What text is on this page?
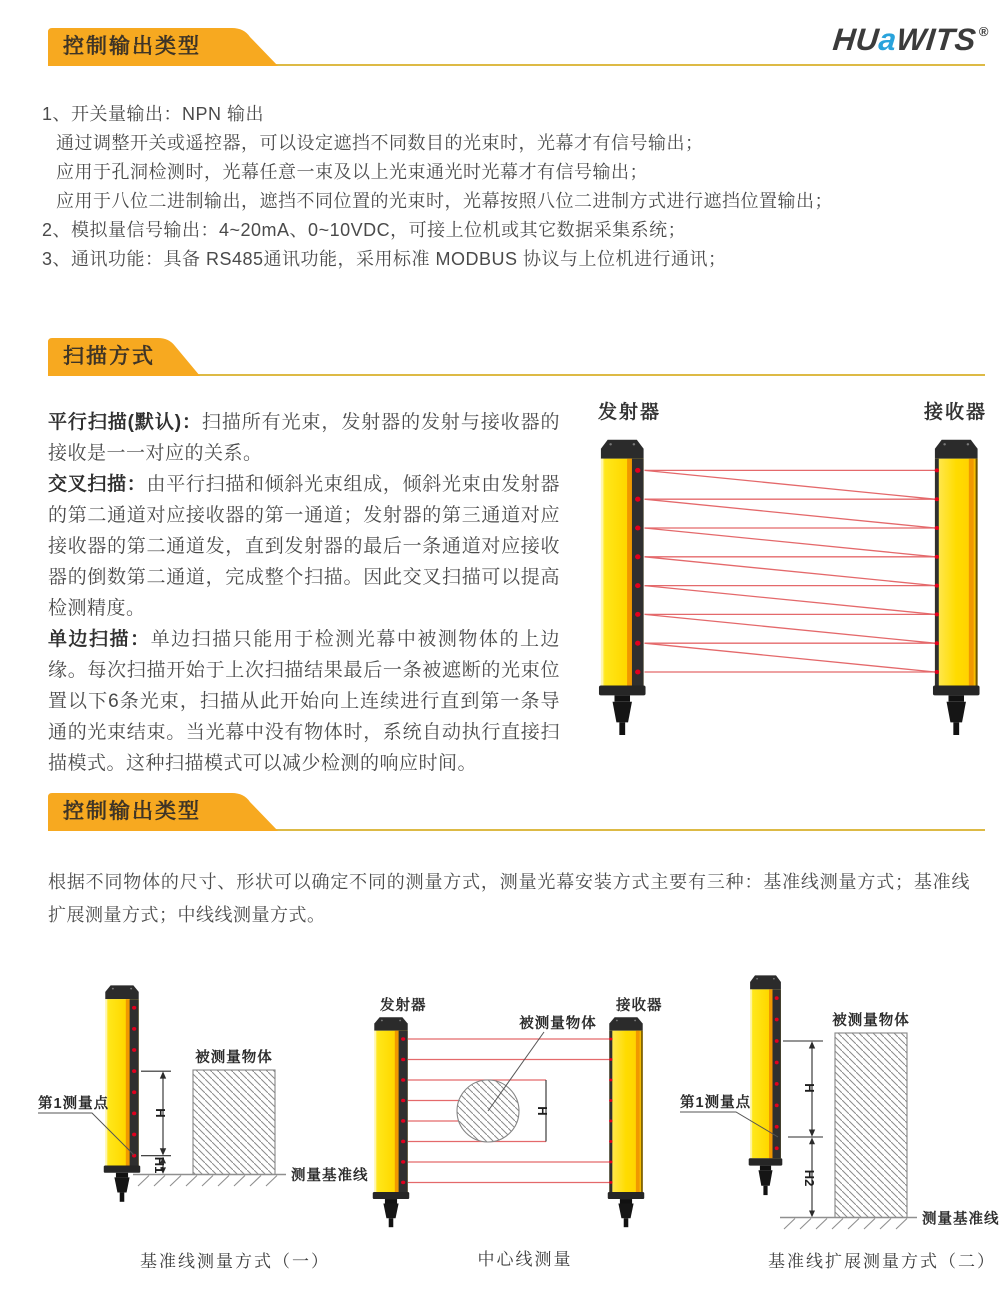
控制输出类型	HUaWITS®
1、开关量输出：NPN 输出
通过调整开关或遥控器，可以设定遮挡不同数目的光束时，光幕才有信号输出；
应用于孔洞检测时，光幕任意一束及以上光束通光时光幕才有信号输出；
应用于八位二进制输出，遮挡不同位置的光束时，光幕按照八位二进制方式进行遮挡位置输出；
2、模拟量信号输出：4~20mA、0~10VDC，可接上位机或其它数据采集系统；
3、通讯功能：具备 RS485通讯功能，采用标准 MODBUS 协议与上位机进行通讯；
扫描方式

平行扫描(默认)：扫描所有光束，发射器的发射与接收器的接收是一一对应的关系。

交叉扫描：由平行扫描和倾斜光束组成，倾斜光束由发射器的第二通道对应接收器的第一通道；发射器的第三通道对应接收器的第二通道发，直到发射器的最后一条通道对应接收器的倒数第二通道，完成整个扫描。因此交叉扫描可以提高检测精度。

单边扫描：单边扫描只能用于检测光幕中被测物体的上边缘。每次扫描开始于上次扫描结果最后一条被遮断的光束位置以下6条光束，扫描从此开始向上连续进行直到第一条导通的光束结束。当光幕中没有物体时，系统自动执行直接扫描模式。这种扫描模式可以减少检测的响应时间。

发射器	接收器
控制输出类型
根据不同物体的尺寸、形状可以确定不同的测量方式，测量光幕安装方式主要有三种：基准线测量方式；基准线扩展测量方式；中线线测量方式。
H
H1
第1测量点
被测量物体
测量基准线
基准线测量方式（一）
发射器	接收器
H
被测量物体
中心线测量
H
H2
第1测量点
被测量物体
测量基准线
基准线扩展测量方式（二）
